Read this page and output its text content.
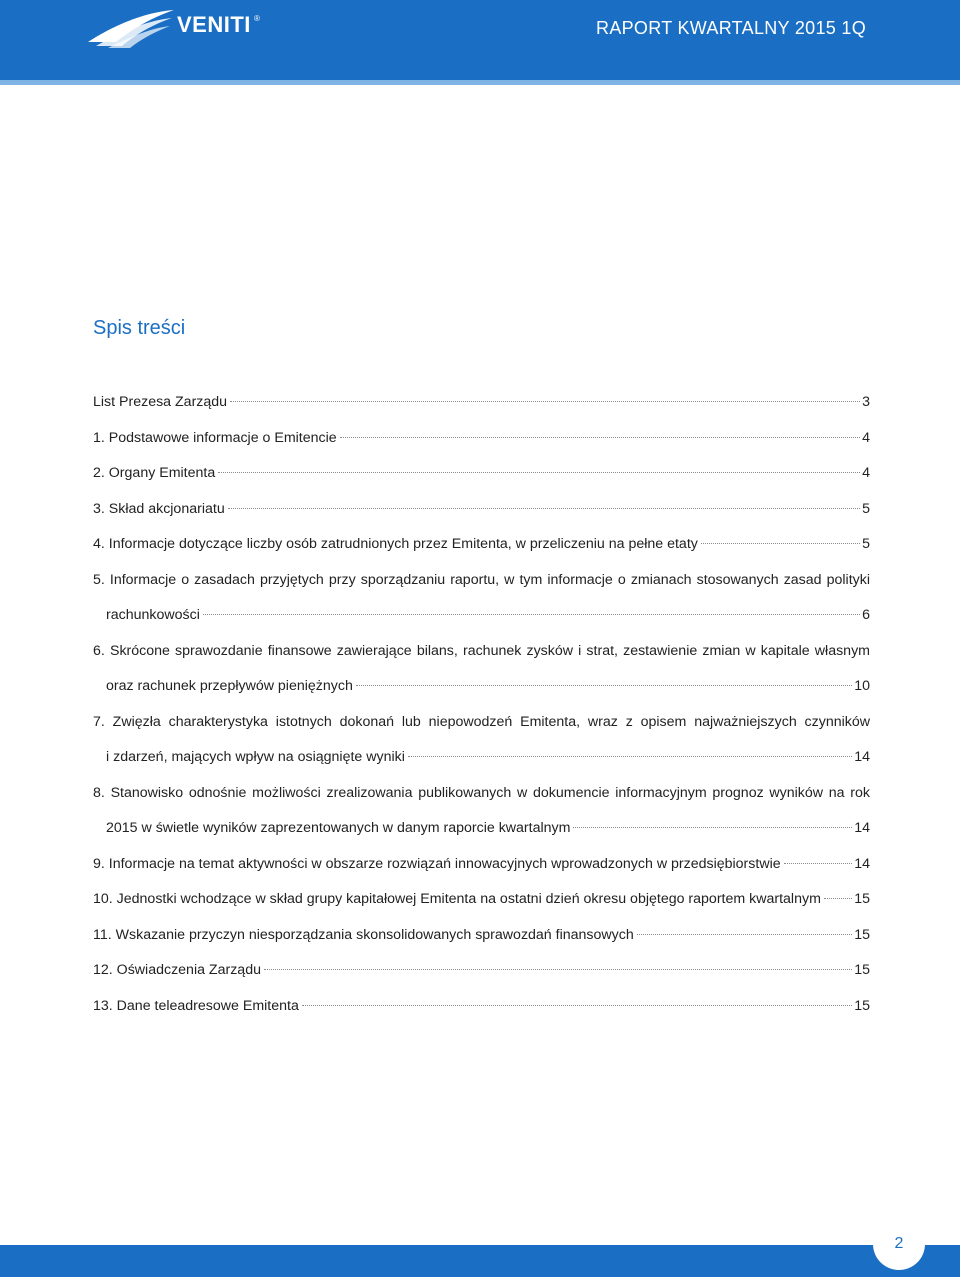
VENITI ®	RAPORT KWARTALNY 2015 1Q
Spis treści
List Prezesa Zarządu	3
1. Podstawowe informacje o Emitencie	4
2. Organy Emitenta	4
3. Skład akcjonariatu	5
4. Informacje dotyczące liczby osób zatrudnionych przez Emitenta, w przeliczeniu na pełne etaty	5
5. Informacje o zasadach przyjętych przy sporządzaniu raportu, w tym informacje o zmianach stosowanych zasad polityki
rachunkowości	6
6. Skrócone sprawozdanie finansowe zawierające bilans, rachunek zysków i strat, zestawienie zmian w kapitale własnym
oraz rachunek przepływów pieniężnych	10
7. Zwięzła charakterystyka istotnych dokonań lub niepowodzeń Emitenta, wraz z opisem najważniejszych czynników
i zdarzeń, mających wpływ na osiągnięte wyniki	14
8. Stanowisko odnośnie możliwości zrealizowania publikowanych w dokumencie informacyjnym prognoz wyników na rok
2015 w świetle wyników zaprezentowanych w danym raporcie kwartalnym	14
9. Informacje na temat aktywności w obszarze rozwiązań innowacyjnych wprowadzonych w przedsiębiorstwie	14
10. Jednostki wchodzące w skład grupy kapitałowej Emitenta na ostatni dzień okresu objętego raportem kwartalnym 15
11. Wskazanie przyczyn niesporządzania skonsolidowanych sprawozdań finansowych	15
12. Oświadczenia Zarządu	15
13. Dane teleadresowe Emitenta	15
2
